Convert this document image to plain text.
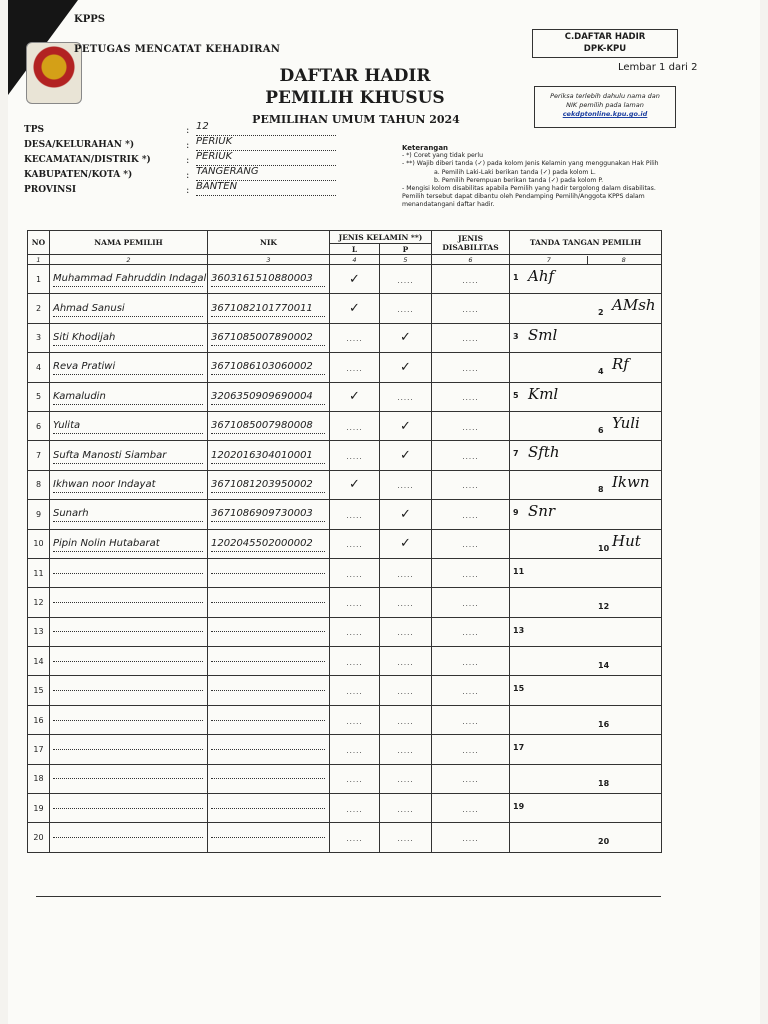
KPPS
PETUGAS MENCATAT KEHADIRAN
C.DAFTAR HADIR
DPK-KPU
Lembar 1 dari 2
Periksa terlebih dahulu nama dan
NIK pemilih pada laman
cekdptonline.kpu.go.id
DAFTAR HADIR
PEMILIH KHUSUS
PEMILIHAN UMUM TAHUN 2024
TPS	: 12
DESA/KELURAHAN *)	: PERIUK
KECAMATAN/DISTRIK *)	: PERIUK
KABUPATEN/KOTA *)	: TANGERANG
PROVINSI	: BANTEN
Keterangan
- *) Coret yang tidak perlu
- **) Wajib diberi tanda (✓) pada kolom Jenis Kelamin yang menggunakan Hak Pilih
a. Pemilih Laki-Laki berikan tanda (✓) pada kolom L.
b. Pemilih Perempuan berikan tanda (✓) pada kolom P.
- Mengisi kolom disabilitas apabila Pemilih yang hadir tergolong dalam disabilitas. Pemilih tersebut dapat dibantu oleh Pendamping Pemilih/Anggota KPPS dalam menandatangani daftar hadir.
NO	NAMA PEMILIH	NIK	JENIS KELAMIN **)		JENIS DISABILITAS	TANDA TANGAN PEMILIH
			L	P		
1	2	3	4	5	6	7 8
1	Muhammad Fahruddin Indagal	3603161510880003	✓	.....	.....	1 Ahf

2	Ahmad Sanusi	3671082101770011	✓	.....	.....	2 AMsh

3	Siti Khodijah	3671085007890002	.....	✓	.....	3 Sml

4	Reva Pratiwi	3671086103060002	.....	✓	.....	4 Rf

5	Kamaludin	3206350909690004	✓	.....	.....	5 Kml

6	Yulita	3671085007980008	.....	✓	.....	6 Yuli

7	Sufta Manosti Siambar	1202016304010001	.....	✓	.....	7 Sfth

8	Ikhwan noor Indayat	3671081203950002	✓	.....	.....	8 Ikwn

9	Sunarh	3671086909730003	.....	✓	.....	9 Snr

10	Pipin Nolin Hutabarat	1202045502000002	.....	✓	.....	10 Hut

11			.....	.....	.....	11

12			.....	.....	.....	12

13			.....	.....	.....	13

14			.....	.....	.....	14

15			.....	.....	.....	15

16			.....	.....	.....	16

17			.....	.....	.....	17

18			.....	.....	.....	18

19			.....	.....	.....	19

20			.....	.....	.....	20
